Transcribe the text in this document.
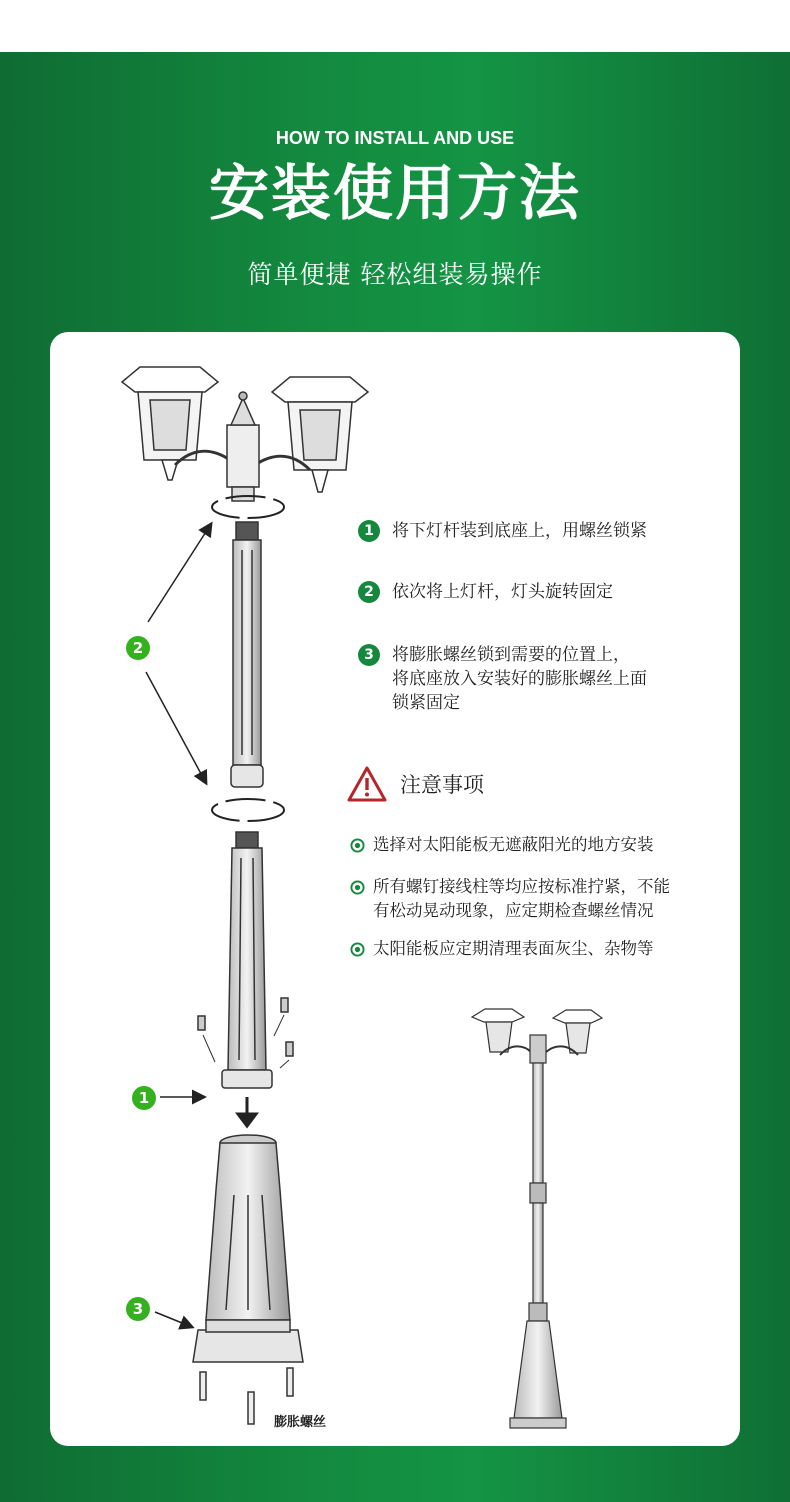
HOW TO INSTALL AND USE
安装使用方法
简单便捷 轻松组装易操作
2
1
3
膨胀螺丝
1	将下灯杆装到底座上，用螺丝锁紧
2	依次将上灯杆，灯头旋转固定
3	将膨胀螺丝锁到需要的位置上，
将底座放入安装好的膨胀螺丝上面
锁紧固定
注意事项
选择对太阳能板无遮蔽阳光的地方安装
所有螺钉接线柱等均应按标准拧紧，不能
有松动晃动现象，应定期检查螺丝情况
太阳能板应定期清理表面灰尘、杂物等
